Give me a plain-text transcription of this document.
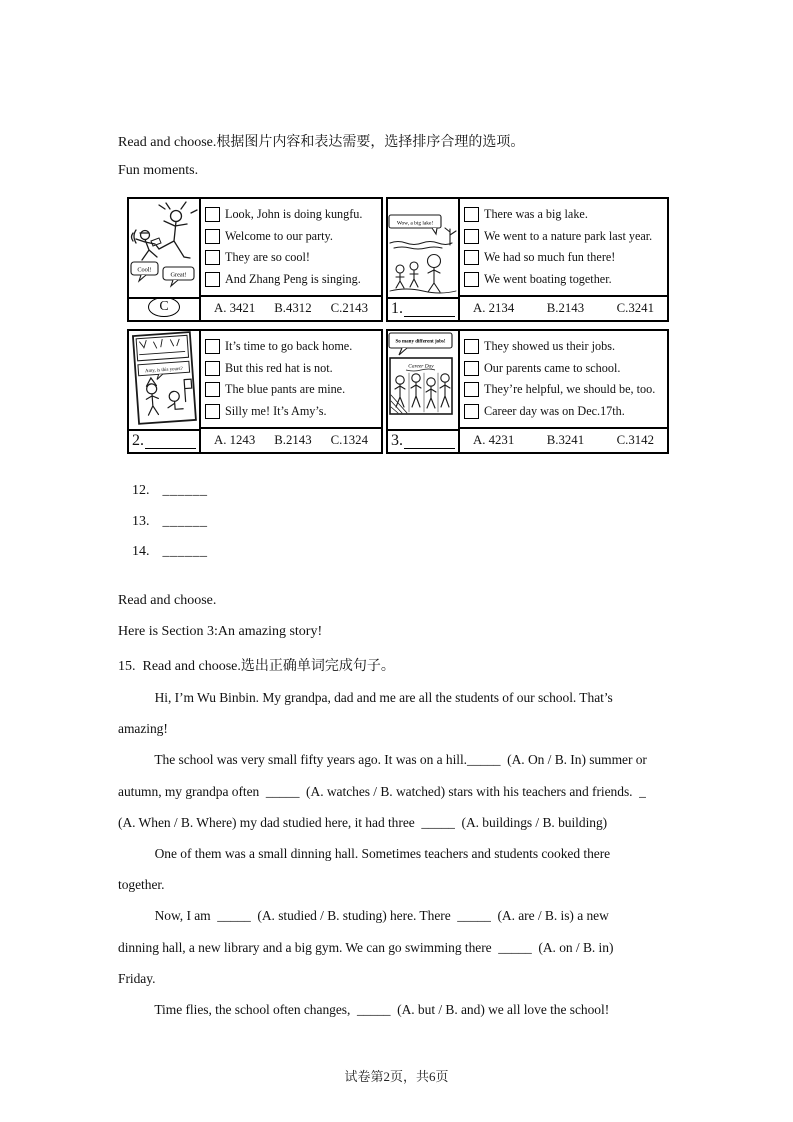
Read and choose.根据图片内容和表达需要，选择排序合理的选项。
Fun moments.
Cool!
Great!
C
Look, John is doing kungfu.
Welcome to our party.
They are so cool!
And Zhang Peng is singing.
A. 3421 B.4312 C.2143
Wow, a big lake!
1.
There was a big lake.
We went to a nature park last year.
We had so much fun there!
We went boating together.
A. 2134	B.2143	C.3241
Amy, is this yours?
2.
It’s time to go back home.
But this red hat is not.
The blue pants are mine.
Silly me! It’s Amy’s.
A. 1243 B.2143 C.1324
So many different jobs!
Career Day
3.
They showed us their jobs.
Our parents came to school.
They’re helpful, we should be, too.
Career day was on Dec.17th.
A. 4231	B.3241	C.3142

12. ______

13. ______

14. ______

Read and choose.
Here is Section 3:An amazing story!
15.  Read and choose.选出正确单词完成句子。
Hi, I’m Wu Binbin. My grandpa, dad and me are all the students of our school. That’s
amazing!
The school was very small fifty years ago. It was on a hill._____  (A. On / B. In) summer or
autumn, my grandpa often  _____  (A. watches / B. watched) stars with his teachers and friends.  _
(A. When / B. Where) my dad studied here, it had three  _____  (A. buildings / B. building)
One of them was a small dinning hall. Sometimes teachers and students cooked there
together.
Now, I am  _____  (A. studied / B. studing) here. There  _____  (A. are / B. is) a new
dinning hall, a new library and a big gym. We can go swimming there  _____  (A. on / B. in)
Friday.
Time flies, the school often changes,  _____  (A. but / B. and) we all love the school!
试卷第2页，共6页
